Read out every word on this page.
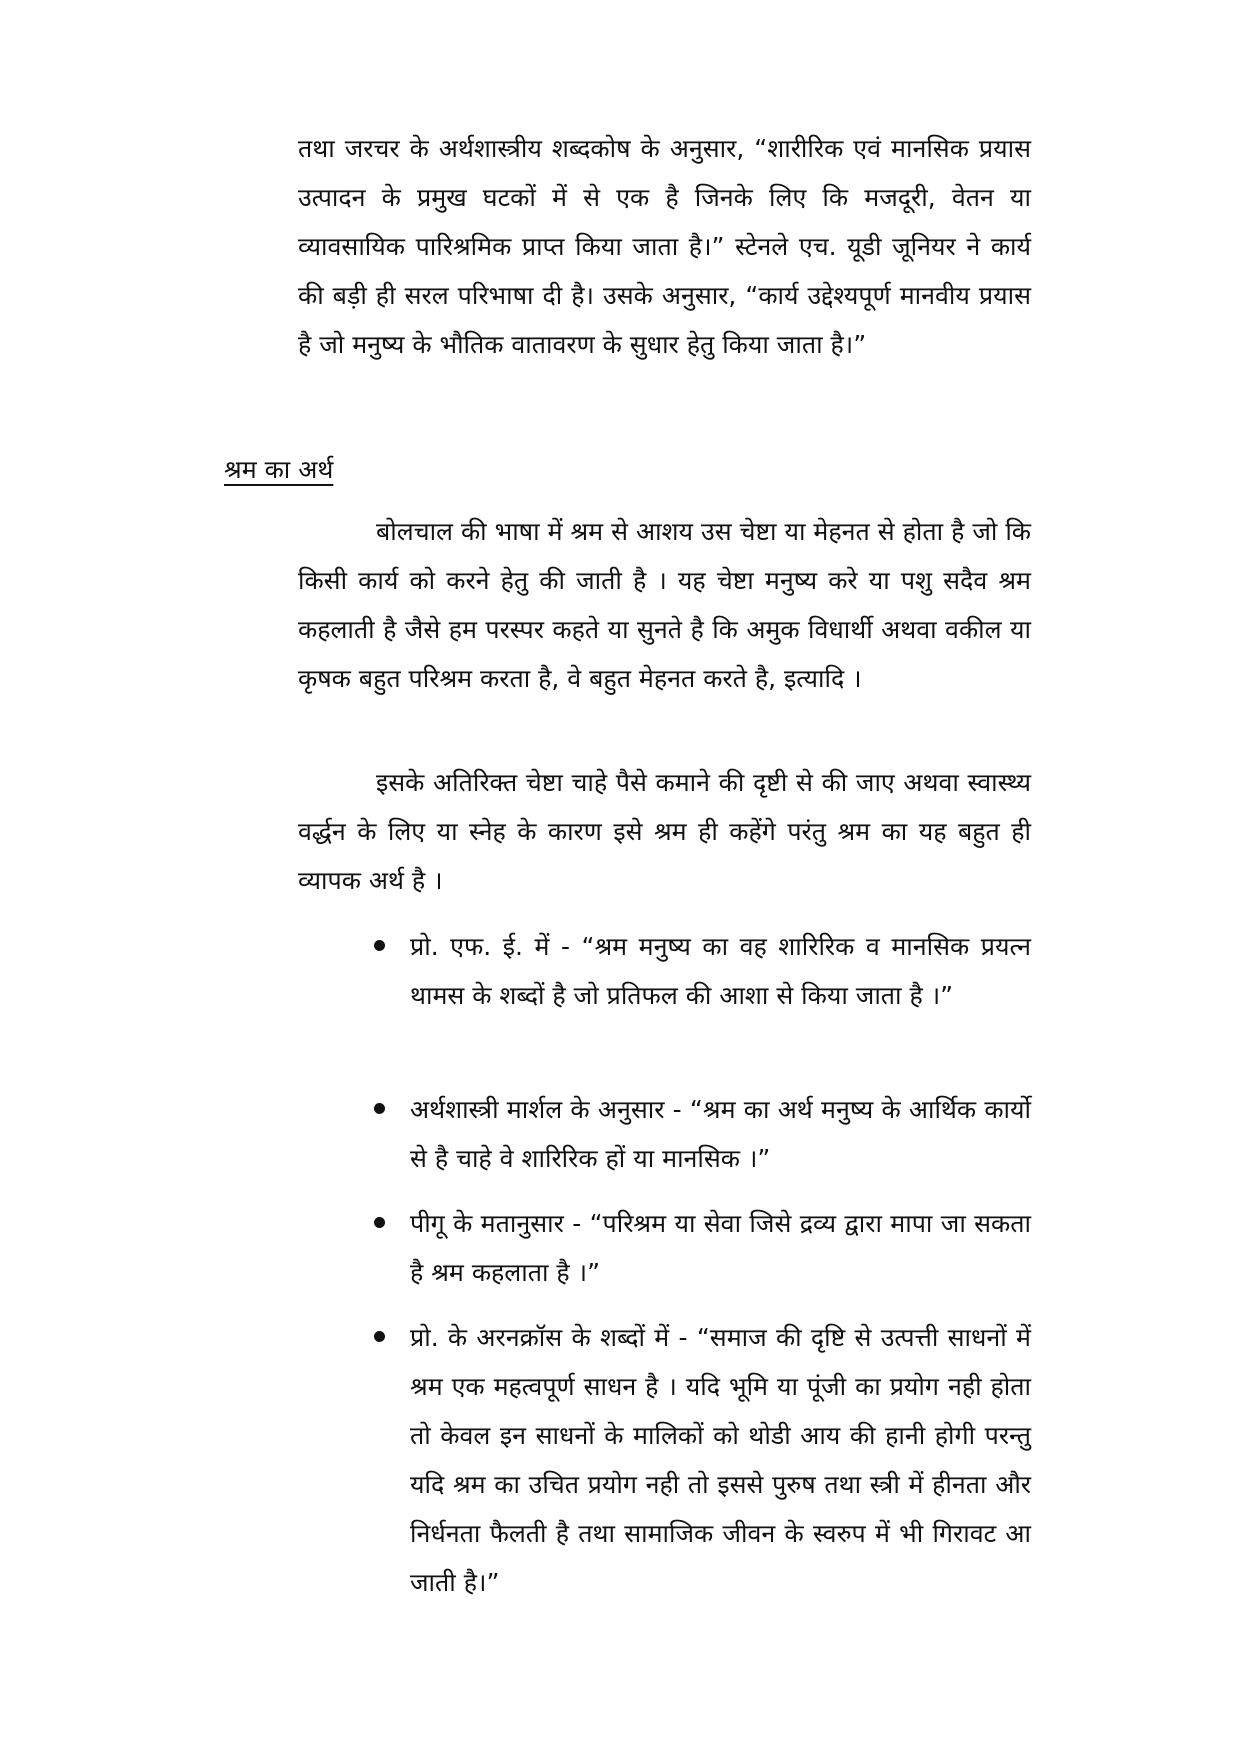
तथा जरचर के अर्थशास्त्रीय शब्दकोष के अनुसार, “शारीरिक एवं मानसिक प्रयास उत्पादन के प्रमुख घटकों में से एक है जिनके लिए कि मजदूरी, वेतन या व्यावसायिक पारिश्रमिक प्राप्त किया जाता है।” स्टेनले एच. यूडी जूनियर ने कार्य की बड़ी ही सरल परिभाषा दी है। उसके अनुसार, “कार्य उद्देश्यपूर्ण मानवीय प्रयास है जो मनुष्य के भौतिक वातावरण के सुधार हेतु किया जाता है।”

श्रम का अर्थ

बोलचाल की भाषा में श्रम से आशय उस चेष्टा या मेहनत से होता है जो कि किसी कार्य को करने हेतु की जाती है । यह चेष्टा मनुष्य करे या पशु सदैव श्रम कहलाती है जैसे हम परस्पर कहते या सुनते है कि अमुक विधार्थी अथवा वकील या कृषक बहुत परिश्रम करता है, वे बहुत मेहनत करते है, इत्यादि ।

इसके अतिरिक्त चेष्टा चाहे पैसे कमाने की दृष्टी से की जाए अथवा स्वास्थ्य वर्द्धन के लिए या स्नेह के कारण इसे श्रम ही कहेंगे परंतु श्रम का यह बहुत ही व्यापक अर्थ है ।

प्रो. एफ. ई. में - “श्रम मनुष्य का वह शारिरिक व मानसिक प्रयत्न थामस के शब्दों है जो प्रतिफल की आशा से किया जाता है ।”

अर्थशास्त्री मार्शल के अनुसार - “श्रम का अर्थ मनुष्य के आर्थिक कार्यो से है चाहे वे शारिरिक हों या मानसिक ।”

पीगू के मतानुसार - “परिश्रम या सेवा जिसे द्रव्य द्वारा मापा जा सकता है श्रम कहलाता है ।”

प्रो. के अरनक्रॉस के शब्दों में - “समाज की दृष्टि से उत्पत्ती साधनों में श्रम एक महत्वपूर्ण साधन है । यदि भूमि या पूंजी का प्रयोग नही होता तो केवल इन साधनों के मालिकों को थोडी आय की हानी होगी परन्तु यदि श्रम का उचित प्रयोग नही तो इससे पुरुष तथा स्त्री में हीनता और निर्धनता फैलती है तथा सामाजिक जीवन के स्वरुप में भी गिरावट आ जाती है।”
